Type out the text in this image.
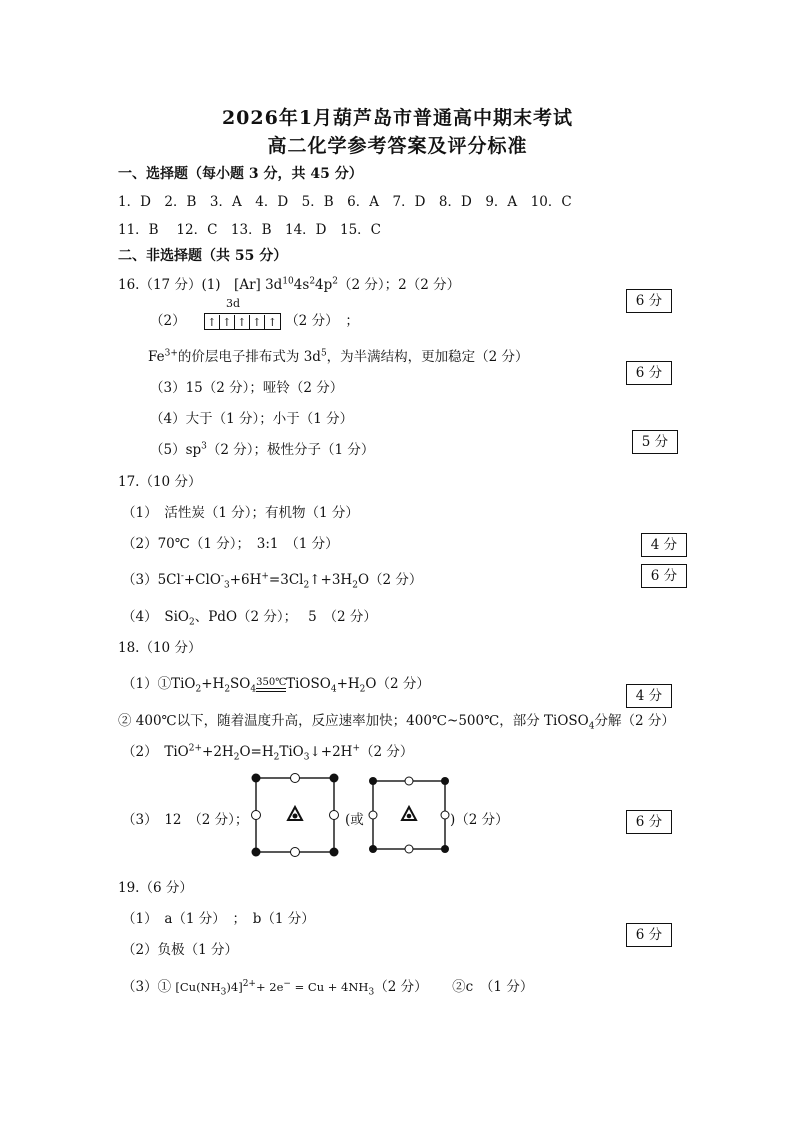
2026年1月葫芦岛市普通高中期末考试
高二化学参考答案及评分标准
一、选择题（每小题 3 分，共 45 分）
1．D　2．B　3．A　4．D　5．B　6．A　7．D　8．D　9．A　10．C
11．B　 12．C　13．B　14．D　15．C
二、非选择题（共 55 分）
16.（17 分）(1)　[Ar] $3d^{10}4s^24p^2(2$ 分）；2（2 分）
6 分
3d
（2） ↑ ↑ ↑ ↑ ↑ （2 分）　；
$Fe^{3+}$的价层电子排布式为 $3d^5$，为半满结构，更加稳定（2 分）
6 分
（3）15（2 分）；哑铃（2 分）
（4）大于（1 分）；小于（1 分）
$(5)sp^3(2$ 分）；极性分子（1 分）	5 分
17.（10 分）
（1）　活性炭（1 分）；有机物（1 分）
（2）70℃（1 分）；　3:1　（1 分）	4 分
$(3)5Cl^-+ClO^-_3+6H^+=3Cl_2↑+3H_2O(2$ 分）	6 分
（4）　SiO$_2$、PdO（2 分）；　 5　（2 分）
18.（10 分）
$(1)①TiO_2+H_2SO_4$
350℃ $TiOSO_4+H_2O(2$ 分）
4 分
② 400℃以下，随着温度升高，反应速率加快；400℃~500℃，部分 TiOSO$_4$分解（2 分）
（2）　$TiO^{2+}+2H_2O=H_2TiO_3↓+2H^+(2$ 分）
（3）　12　（2 分）；	(或	)（2 分）	6 分
19.（6 分）
（1）　a（1 分）　；　b（1 分）
（2）负极（1 分）
6 分
（3）① $[Cu(NH_3)4]^{2+}+ 2e^- = Cu + 4NH_3(2$ 分）　　 ②c　（1 分）
